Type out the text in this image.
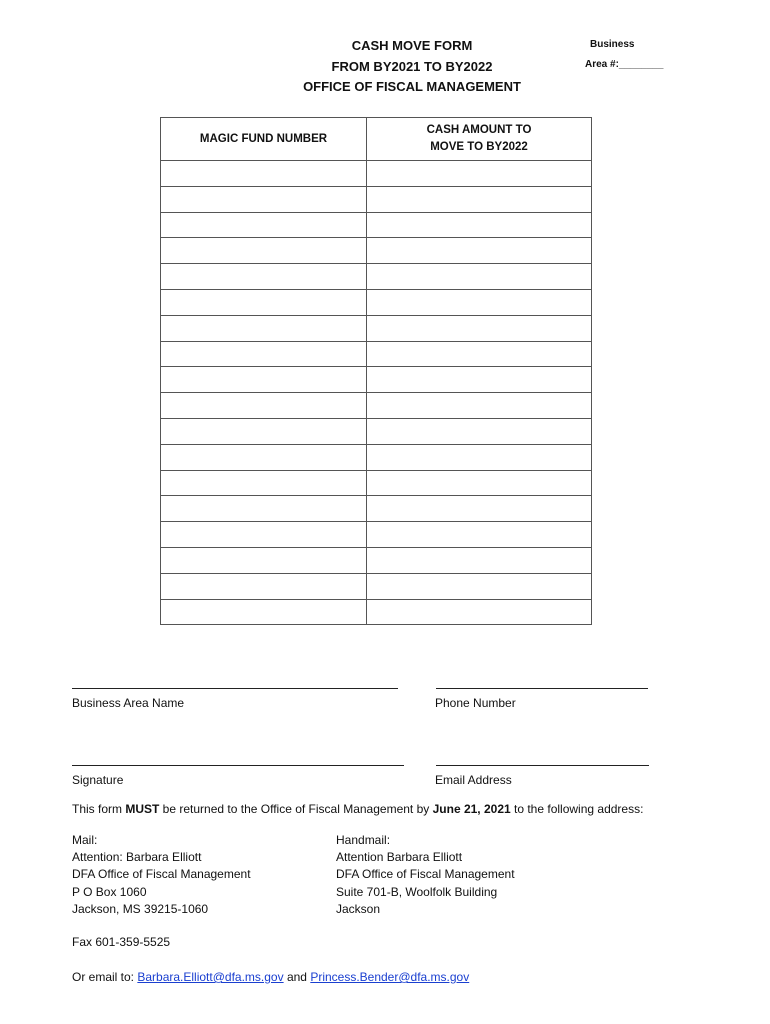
CASH MOVE FORM
FROM BY2021 TO BY2022
OFFICE OF FISCAL MANAGEMENT
Business
Area #:________
MAGIC FUND NUMBER	CASH AMOUNT TO
MOVE TO BY2022

Business Area Name	Phone Number
Signature	Email Address
This form MUST be returned to the Office of Fiscal Management by June 21, 2021 to the following address:
Mail:
Attention: Barbara Elliott
DFA Office of Fiscal Management
P O Box 1060
Jackson, MS 39215-1060
Handmail:
Attention Barbara Elliott
DFA Office of Fiscal Management
Suite 701-B, Woolfolk Building
Jackson
Fax 601-359-5525
Or email to: Barbara.Elliott@dfa.ms.gov and Princess.Bender@dfa.ms.gov
